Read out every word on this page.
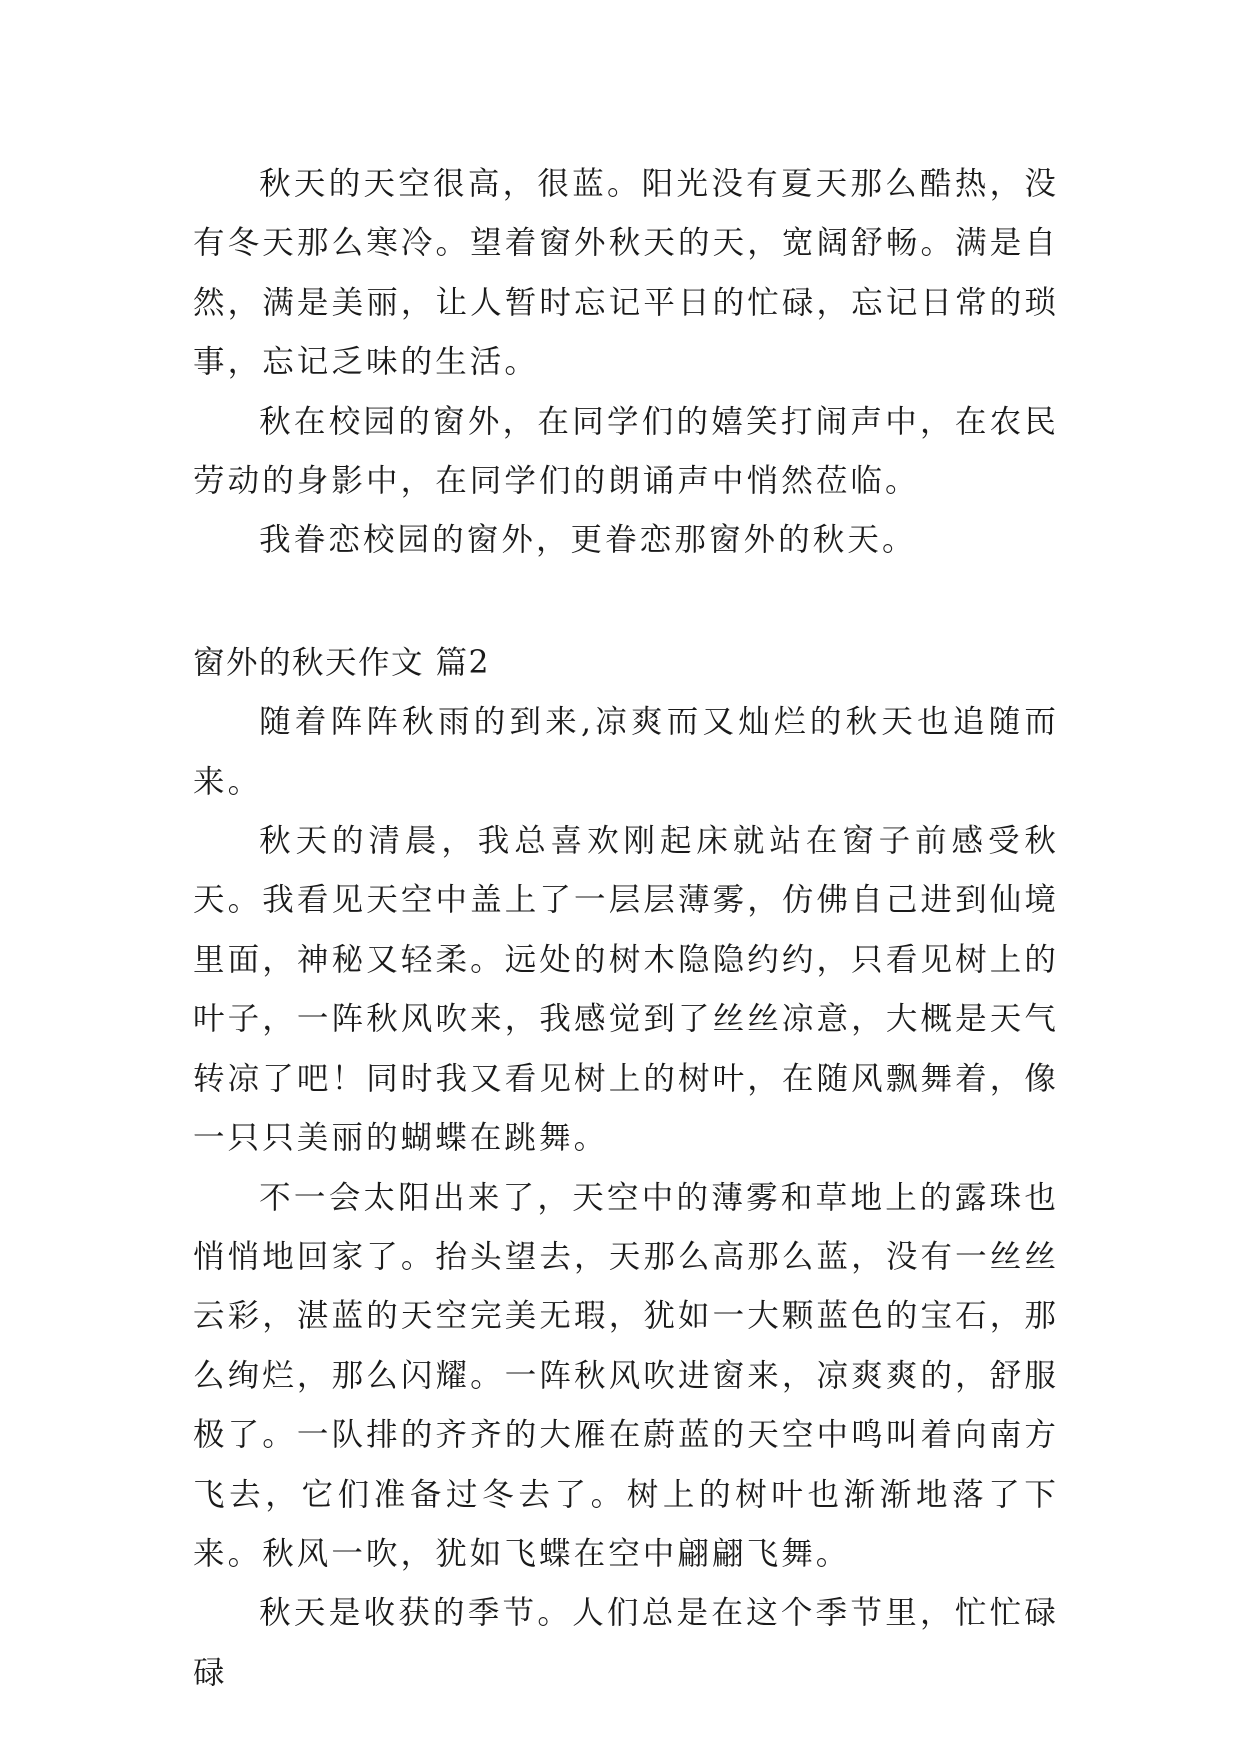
秋天的天空很高，很蓝。阳光没有夏天那么酷热，没有冬天那么寒冷。望着窗外秋天的天，宽阔舒畅。满是自然，满是美丽，让人暂时忘记平日的忙碌，忘记日常的琐事，忘记乏味的生活。

秋在校园的窗外，在同学们的嬉笑打闹声中，在农民劳动的身影中，在同学们的朗诵声中悄然莅临。

我眷恋校园的窗外，更眷恋那窗外的秋天。

窗外的秋天作文 篇2

随着阵阵秋雨的到来,凉爽而又灿烂的秋天也追随而来。

秋天的清晨，我总喜欢刚起床就站在窗子前感受秋天。我看见天空中盖上了一层层薄雾，仿佛自己进到仙境里面，神秘又轻柔。远处的树木隐隐约约，只看见树上的叶子，一阵秋风吹来，我感觉到了丝丝凉意，大概是天气转凉了吧！同时我又看见树上的树叶，在随风飘舞着，像一只只美丽的蝴蝶在跳舞。

不一会太阳出来了，天空中的薄雾和草地上的露珠也悄悄地回家了。抬头望去，天那么高那么蓝，没有一丝丝云彩，湛蓝的天空完美无瑕，犹如一大颗蓝色的宝石，那么绚烂，那么闪耀。一阵秋风吹进窗来，凉爽爽的，舒服极了。一队排的齐齐的大雁在蔚蓝的天空中鸣叫着向南方飞去，它们准备过冬去了。树上的树叶也渐渐地落了下来。秋风一吹，犹如飞蝶在空中翩翩飞舞。

秋天是收获的季节。人们总是在这个季节里，忙忙碌碌
